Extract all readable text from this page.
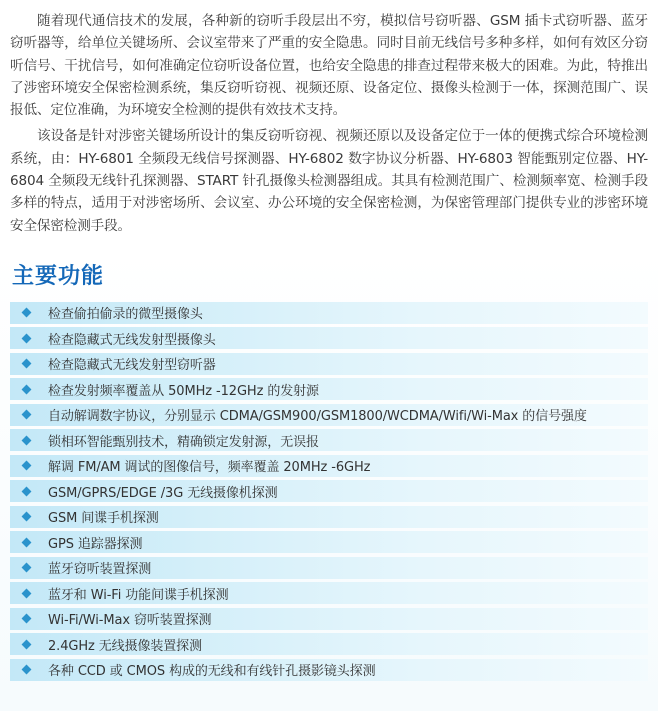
随着现代通信技术的发展，各种新的窃听手段层出不穷，模拟信号窃听器、GSM 插卡式窃听器、蓝牙窃听器等，给单位关键场所、会议室带来了严重的安全隐患。同时目前无线信号多种多样，如何有效区分窃听信号、干扰信号，如何准确定位窃听设备位置，也给安全隐患的排查过程带来极大的困难。为此，特推出了涉密环境安全保密检测系统，集反窃听窃视、视频还原、设备定位、摄像头检测于一体，探测范围广、误报低、定位准确，为环境安全检测的提供有效技术支持。

该设备是针对涉密关键场所设计的集反窃听窃视、视频还原以及设备定位于一体的便携式综合环境检测系统，由：HY-6801 全频段无线信号探测器、HY-6802 数字协议分析器、HY-6803 智能甄别定位器、HY-6804 全频段无线针孔探测器、START 针孔摄像头检测器组成。其具有检测范围广、检测频率宽、检测手段多样的特点，适用于对涉密场所、会议室、办公环境的安全保密检测，为保密管理部门提供专业的涉密环境安全保密检测手段。

主要功能
检查偷拍偷录的微型摄像头
检查隐藏式无线发射型摄像头
检查隐藏式无线发射型窃听器
检查发射频率覆盖从 50MHz -12GHz 的发射源
自动解调数字协议，分别显示 CDMA/GSM900/GSM1800/WCDMA/Wifi/Wi-Max 的信号强度
锁相环智能甄别技术，精确锁定发射源，无误报
解调 FM/AM 调试的图像信号，频率覆盖 20MHz -6GHz
GSM/GPRS/EDGE /3G 无线摄像机探测
GSM 间谍手机探测
GPS 追踪器探测
蓝牙窃听装置探测
蓝牙和 Wi-Fi 功能间谍手机探测
Wi-Fi/Wi-Max 窃听装置探测
2.4GHz 无线摄像装置探测
各种 CCD 或 CMOS 构成的无线和有线针孔摄影镜头探测
